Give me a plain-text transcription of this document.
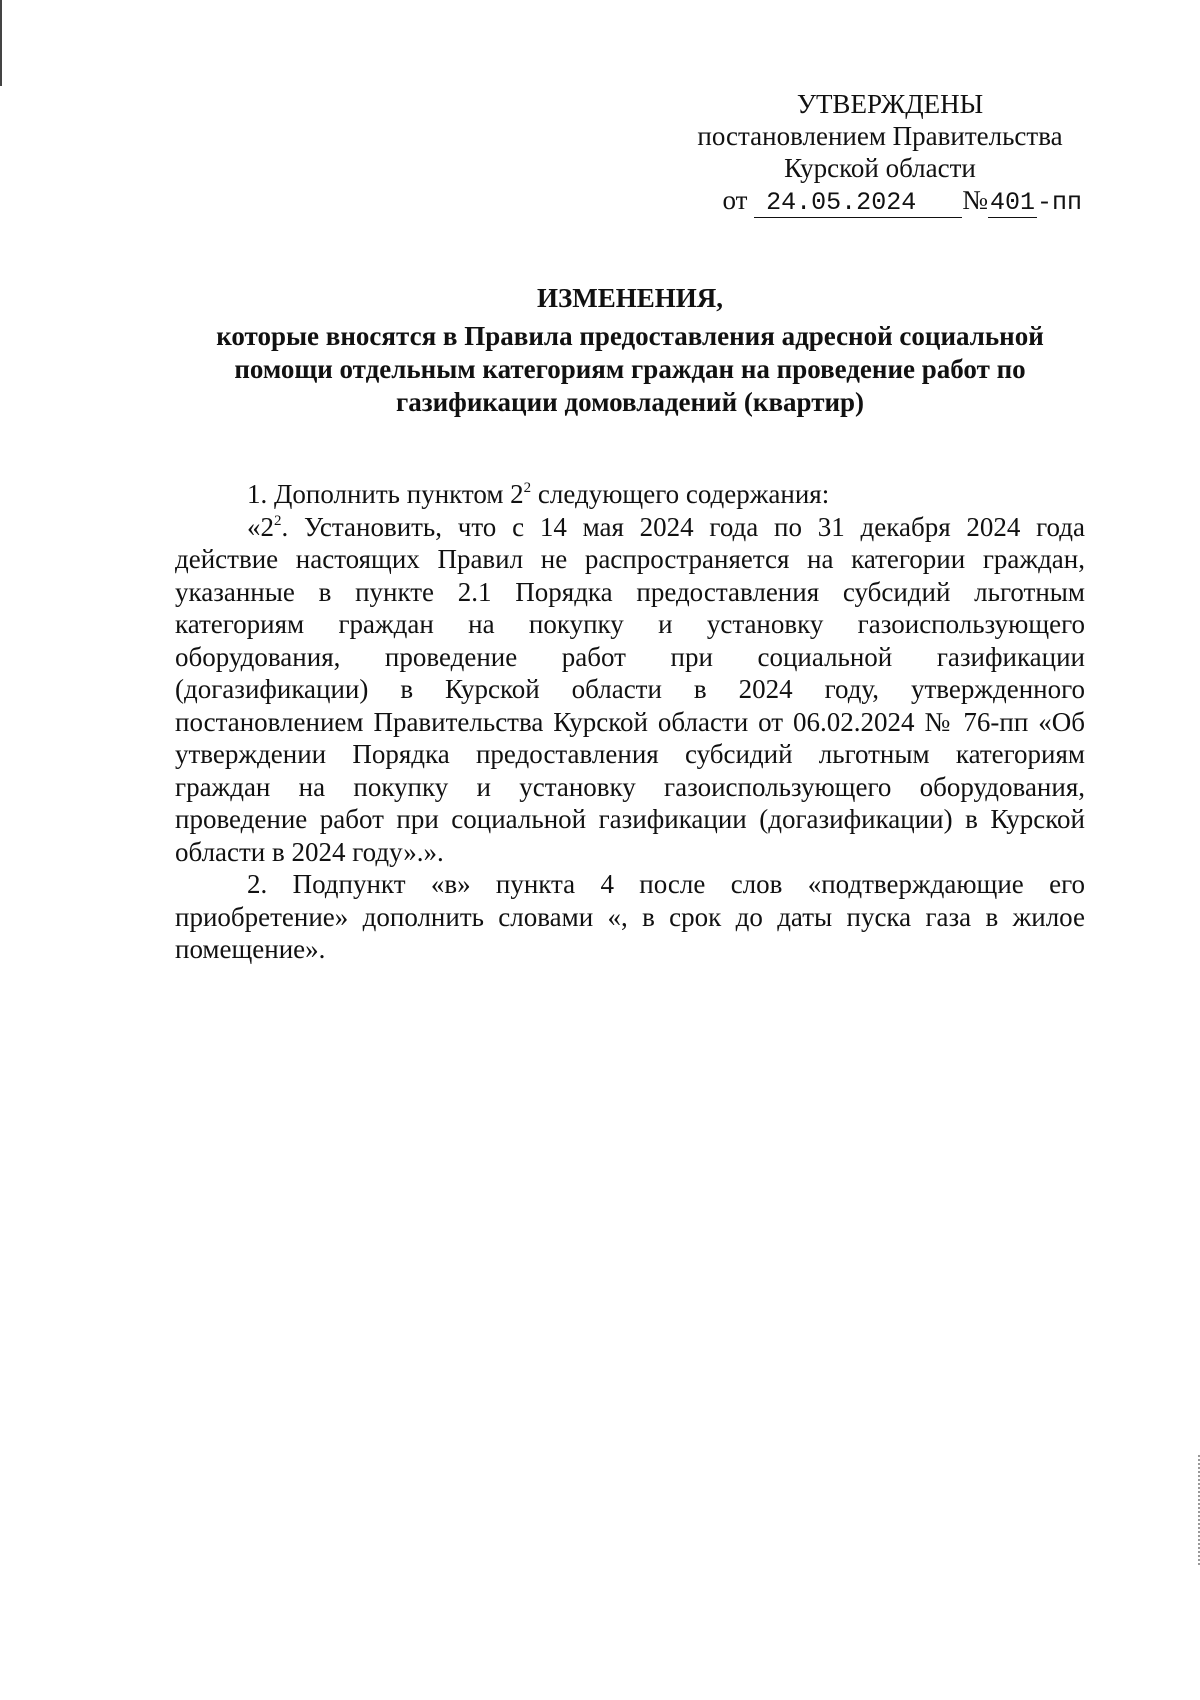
УТВЕРЖДЕНЫ
постановлением Правительства
Курской области
от 24.05.2024 №401-пп
ИЗМЕНЕНИЯ,
которые вносятся в Правила предоставления адресной социальной помощи отдельным категориям граждан на проведение работ по газификации домовладений (квартир)

1. Дополнить пунктом $2^2$ следующего содержания:

«$2^2$. Установить, что с 14 мая 2024 года по 31 декабря 2024 года действие настоящих Правил не распространяется на категории граждан, указанные в пункте 2.1 Порядка предоставления субсидий льготным категориям граждан на покупку и установку газоиспользующего оборудования, проведение работ при социальной газификации (догазификации) в Курской области в 2024 году, утвержденного постановлением Правительства Курской области от 06.02.2024 № 76-пп «Об утверждении Порядка предоставления субсидий льготным категориям граждан на покупку и установку газоиспользующего оборудования, проведение работ при социальной газификации (догазификации) в Курской области в 2024 году».».

2. Подпункт «в» пункта 4 после слов «подтверждающие его приобретение» дополнить словами «, в срок до даты пуска газа в жилое помещение».
